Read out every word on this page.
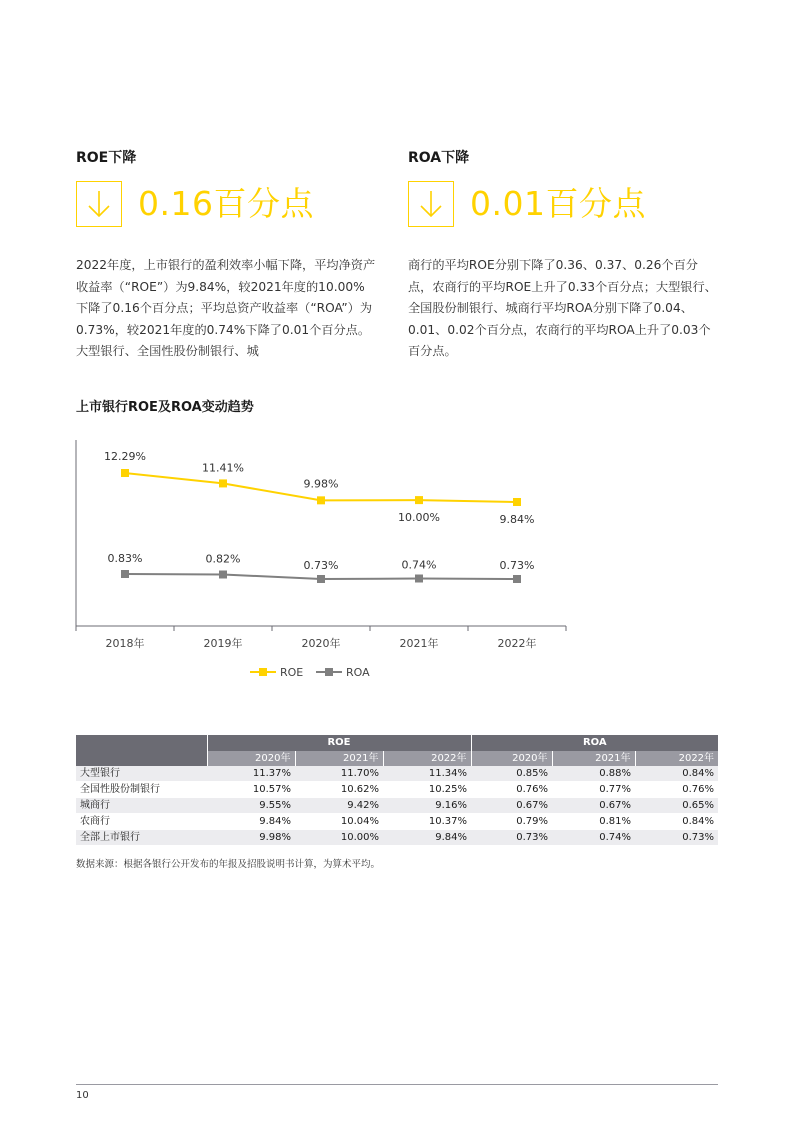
ROE下降
0.16百分点

2022年度，上市银行的盈利效率小幅下降，平均净资产收益率（“ROE”）为9.84%，较2021年度的10.00%下降了0.16个百分点；平均总资产收益率（“ROA”）为0.73%，较2021年度的0.74%下降了0.01个百分点。大型银行、全国性股份制银行、城

ROA下降
0.01百分点

商行的平均ROE分别下降了0.36、0.37、0.26个百分点，农商行的平均ROE上升了0.33个百分点；大型银行、全国股份制银行、城商行平均ROA分别下降了0.04、0.01、0.02个百分点，农商行的平均ROA上升了0.03个百分点。

上市银行ROE及ROA变动趋势
2018年	2019年	2020年	2021年	2022年
12.29%
11.41%
9.98%
10.00%	9.84%
0.83%	0.82%	0.73%	0.74%	0.73%
ROE	ROA
	ROE			ROA		
	2020年	2021年	2022年	2020年	2021年	2022年
大型银行	11.37%	11.70%	11.34%	0.85%	0.88%	0.84%
全国性股份制银行	10.57%	10.62%	10.25%	0.76%	0.77%	0.76%
城商行	9.55%	9.42%	9.16%	0.67%	0.67%	0.65%
农商行	9.84%	10.04%	10.37%	0.79%	0.81%	0.84%
全部上市银行	9.98%	10.00%	9.84%	0.73%	0.74%	0.73%
数据来源：根据各银行公开发布的年报及招股说明书计算，为算术平均。
10
